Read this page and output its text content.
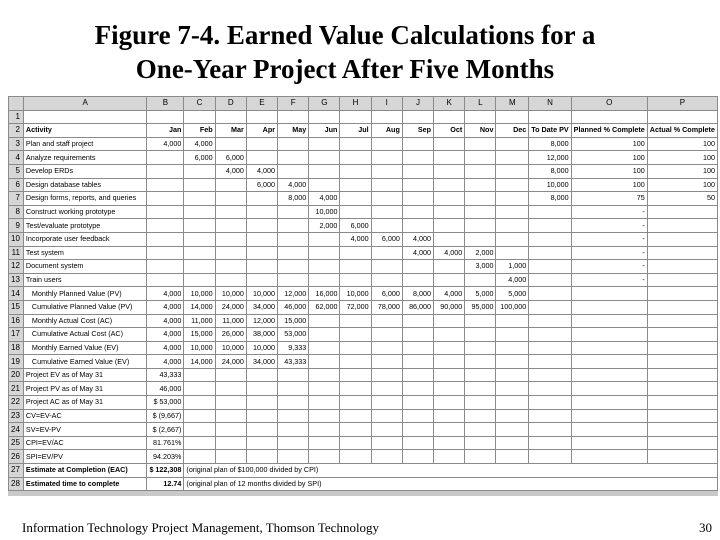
Figure 7-4. Earned Value Calculations for a
One-Year Project After Five Months
	A	B	C	D	E	F	G	H	I	J	K	L	M	N	O	P
1																
2	Activity	Jan	Feb	Mar	Apr	May	Jun	Jul	Aug	Sep	Oct	Nov	Dec	To Date PV	Planned % Complete	Actual % Complete
3	Plan and staff project	4,000	4,000											8,000	100	100
4	Analyze requirements		6,000	6,000										12,000	100	100
5	Develop ERDs			4,000	4,000									8,000	100	100
6	Design database tables				6,000	4,000								10,000	100	100
7	Design forms, reports, and queries					8,000	4,000							8,000	75	50
8	Construct working prototype						10,000								-	
9	Test/evaluate prototype						2,000	6,000							-	
10	Incorporate user feedback							4,000	6,000	4,000					-	
11	Test system									4,000	4,000	2,000			-	
12	Document system											3,000	1,000		-	
13	Train users												4,000		-	
14	Monthly Planned Value (PV)	4,000	10,000	10,000	10,000	12,000	16,000	10,000	6,000	8,000	4,000	5,000	5,000			
15	Cumulative Planned Value (PV)	4,000	14,000	24,000	34,000	46,000	62,000	72,000	78,000	86,000	90,000	95,000	100,000			
16	Monthly Actual Cost (AC)	4,000	11,000	11,000	12,000	15,000										
17	Cumulative Actual Cost (AC)	4,000	15,000	26,000	38,000	53,000										
18	Monthly Earned Value (EV)	4,000	10,000	10,000	10,000	9,333										
19	Cumulative Earned Value (EV)	4,000	14,000	24,000	34,000	43,333										
20	Project EV as of May 31	43,333														
21	Project PV as of May 31	46,000														
22	Project AC as of May 31	$ 53,000														
23	CV=EV-AC	$ (9,667)														
24	SV=EV-PV	$ (2,667)														
25	CPI=EV/AC	81.761%														
26	SPI=EV/PV	94.203%														
27	Estimate at Completion (EAC)	$ 122,308	(original plan of $100,000 divided by CPI)													
28	Estimated time to complete	12.74	(original plan of 12 months divided by SPI)													
Information Technology Project Management, Thomson Technology	30
